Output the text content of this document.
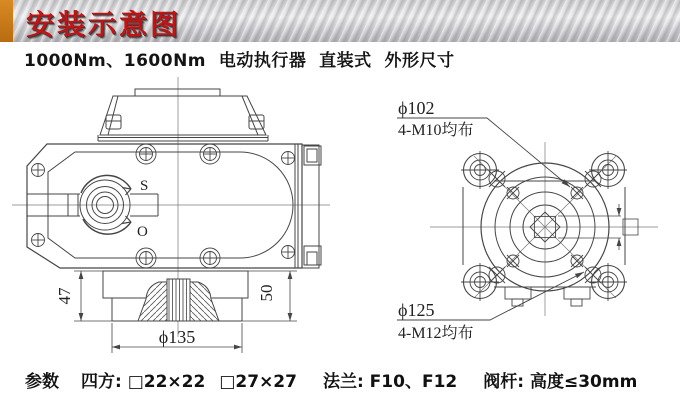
安装示意图
1000Nm、1600Nm  电动执行器  直装式  外形尺寸
S
O
47	50
ϕ135
ϕ102
4-M10均布
ϕ125
4-M12均布
参数 四方: □22×22 □27×27 法兰: F10、F12 阀杆: 高度≤30mm
